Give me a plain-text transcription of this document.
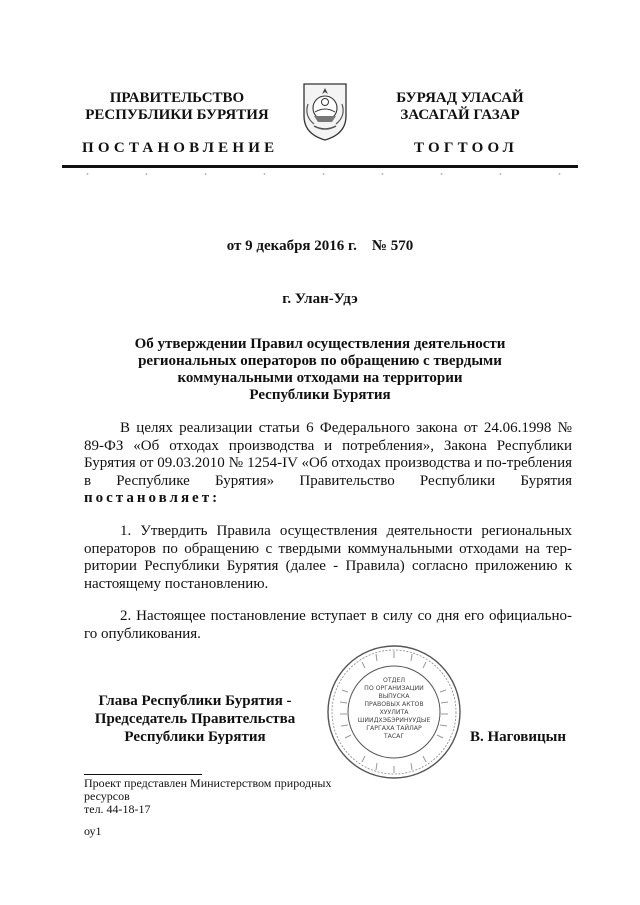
ПРАВИТЕЛЬСТВО
РЕСПУБЛИКИ БУРЯТИЯ
БУРЯАД УЛАСАЙ
ЗАСАГАЙ ГАЗАР
ПОСТАНОВЛЕНИЕ	ТОГТООЛ
от 9 декабря 2016 г.    № 570
г. Улан-Удэ
Об утверждении Правил осуществления деятельности
региональных операторов по обращению с твердыми
коммунальными отходами на территории
Республики Бурятия
В целях реализации статьи 6 Федерального закона от 24.06.1998 № 89-ФЗ «Об отходах производства и потребления», Закона Республики Бурятия от 09.03.2010 № 1254-IV «Об отходах производства и по-требления в Республике Бурятия» Правительство Республики Бурятия постановляет:
1. Утвердить Правила осуществления деятельности региональных операторов по обращению с твердыми коммунальными отходами на тер-ритории Республики Бурятия (далее - Правила) согласно приложению к настоящему постановлению.
2. Настоящее постановление вступает в силу со дня его официально-го опубликования.
Глава Республики Бурятия -
Председатель Правительства
Республики Бурятия
ОТДЕЛ
ПО ОРГАНИЗАЦИИ
ВЫПУСКА
ПРАВОВЫХ АКТОВ
ХУУЛИТА
ШИИДХЭБЭРИНУУДЫЕ
ГАРГАХА ТАЙЛАР
ТАСАГ	В. Наговицын
Проект представлен Министерством природных
ресурсов
тел. 44-18-17
оу1
